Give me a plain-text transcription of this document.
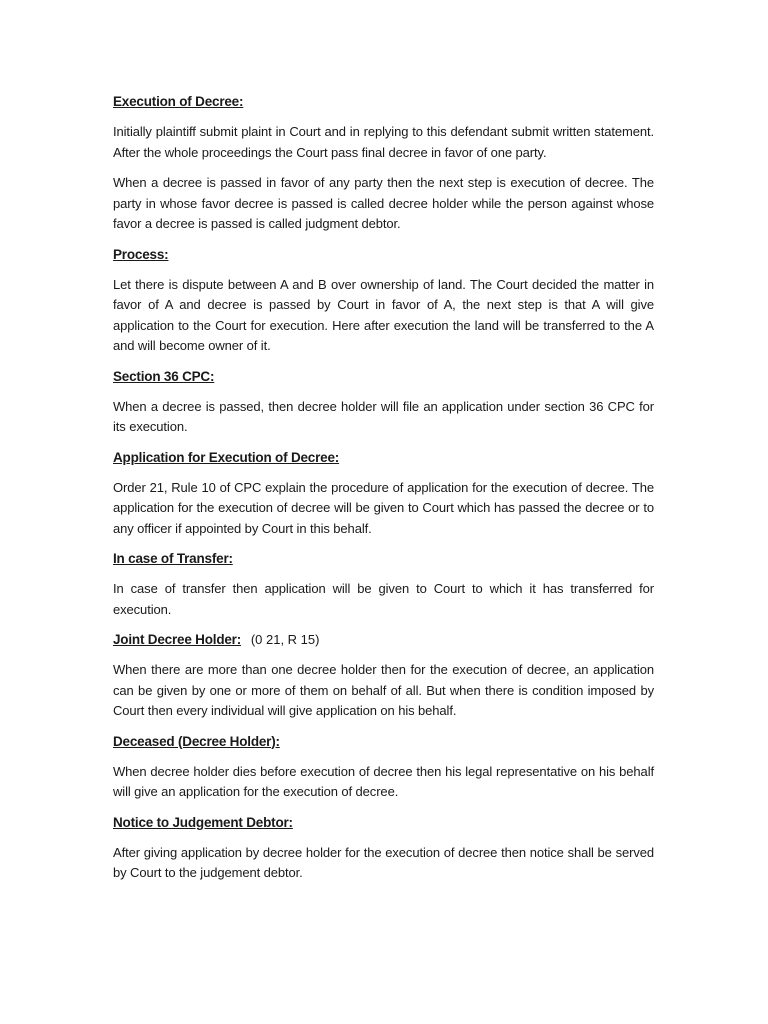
Execution of Decree:

Initially plaintiff submit plaint in Court and in replying to this defendant submit written statement. After the whole proceedings the Court pass final decree in favor of one party.

When a decree is passed in favor of any party then the next step is execution of decree. The party in whose favor decree is passed is called decree holder while the person against whose favor a decree is passed is called judgment debtor.

Process:

Let there is dispute between A and B over ownership of land. The Court decided the matter in favor of A and decree is passed by Court in favor of A, the next step is that A will give application to the Court for execution. Here after execution the land will be transferred to the A and will become owner of it.

Section 36 CPC:

When a decree is passed, then decree holder will file an application under section 36 CPC for its execution.

Application for Execution of Decree:

Order 21, Rule 10 of CPC explain the procedure of application for the execution of decree. The application for the execution of decree will be given to Court which has passed the decree or to any officer if appointed by Court in this behalf.

In case of Transfer:

In case of transfer then application will be given to Court to which it has transferred for execution.

Joint Decree Holder: (0 21, R 15)

When there are more than one decree holder then for the execution of decree, an application can be given by one or more of them on behalf of all. But when there is condition imposed by Court then every individual will give application on his behalf.

Deceased (Decree Holder):

When decree holder dies before execution of decree then his legal representative on his behalf will give an application for the execution of decree.

Notice to Judgement Debtor:

After giving application by decree holder for the execution of decree then notice shall be served by Court to the judgement debtor.
